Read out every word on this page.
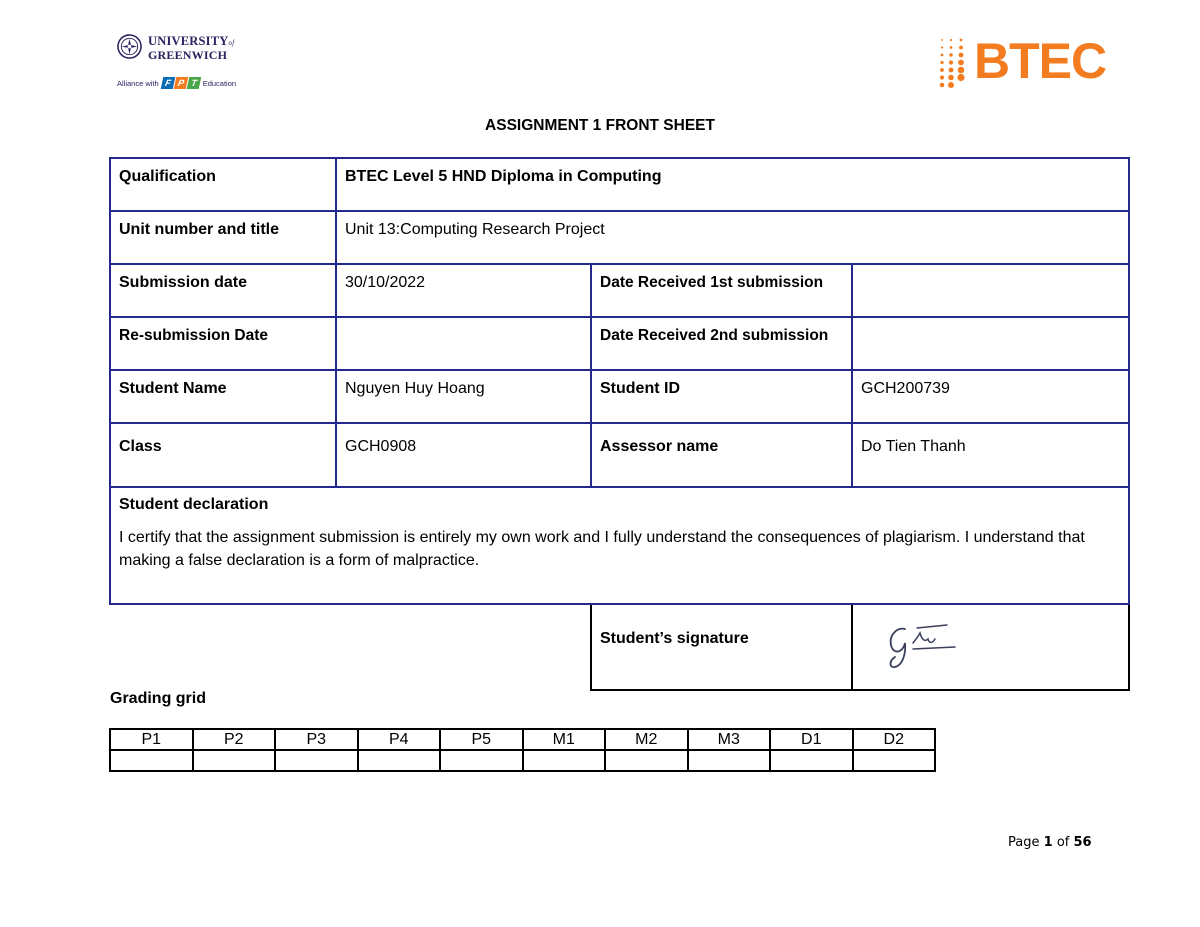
UNIVERSITYof
GREENWICH
Alliance with F P T Education	BTEC
ASSIGNMENT 1 FRONT SHEET
Qualification	BTEC Level 5 HND Diploma in Computing		
Unit number and title	Unit 13:Computing Research Project		
Submission date	30/10/2022	Date Received 1st submission	
Re-submission Date		Date Received 2nd submission	
Student Name	Nguyen Huy Hoang	Student ID	GCH200739
Class	GCH0908	Assessor name	Do Tien Thanh

Student declaration
I certify that the assignment submission is entirely my own work and I fully understand the consequences of plagiarism. I understand that making a false declaration is a form of malpractice.			

		Student’s signature	
Grading grid
P1	P2	P3	P4	P5	M1	M2	M3	D1	D2

Page 1 of 56
